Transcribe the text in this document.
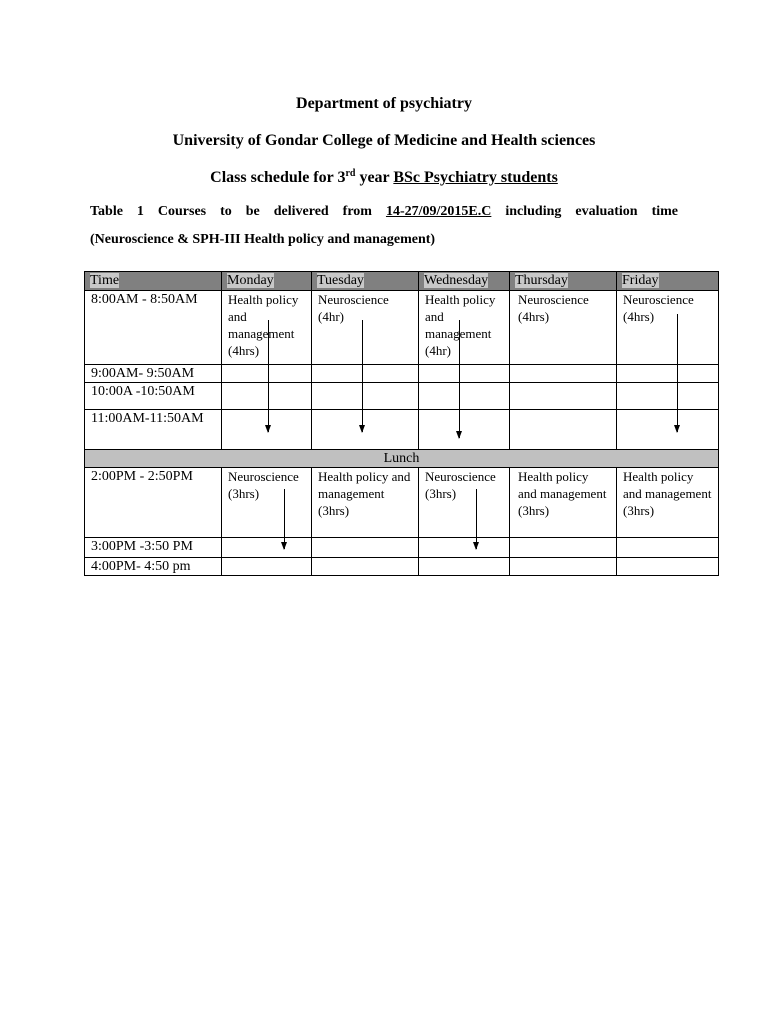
Department of psychiatry

University of Gondar College of Medicine and Health sciences

Class schedule for 3rd year BSc Psychiatry students

Table 1 Courses to be delivered from 14-27/09/2015E.C including evaluation time

(Neuroscience & SPH-III Health policy and management)

Time	Monday	Tuesday	Wednesday	Thursday	Friday
8:00AM - 8:50AM	Health policy and management (4hrs)	Neuroscience (4hr)	Health policy and management (4hr)	Neuroscience (4hrs)	Neuroscience (4hrs)
9:00AM- 9:50AM					
10:00A -10:50AM					
11:00AM-11:50AM					
Lunch					
2:00PM - 2:50PM	Neuroscience (3hrs)	Health policy and management (3hrs)	Neuroscience (3hrs)	Health policy and management (3hrs)	Health policy and management (3hrs)
3:00PM -3:50 PM					
4:00PM- 4:50 pm					
